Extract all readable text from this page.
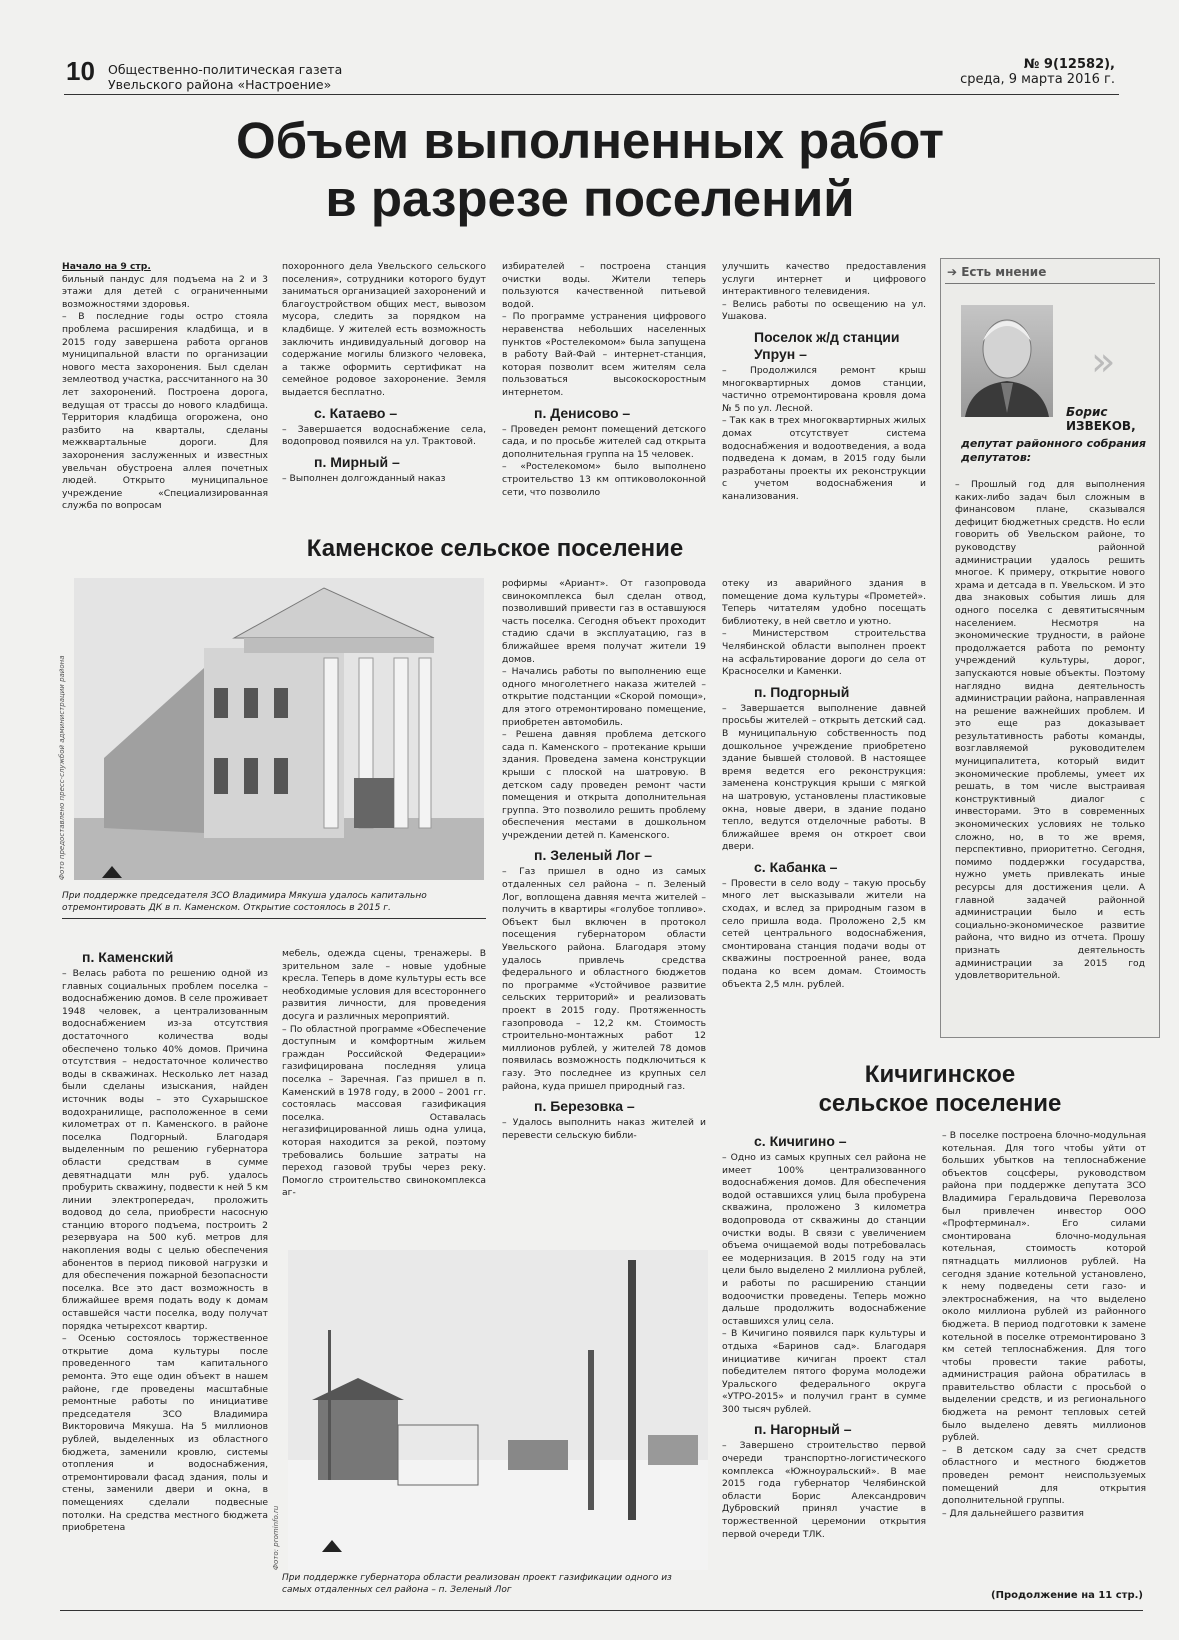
10 Общественно-политическая газета
Увельского района «Настроение»
№ 9(12582),
среда, 9 марта 2016 г.
Объем выполненных работ
в разрезе поселений

Начало на 9 стр.

бильный пандус для подъема на 2 и 3 этажи для детей с ограниченными возможностями здоровья.

– В последние годы остро стояла проблема расширения кладбища, и в 2015 году завершена работа органов муниципальной власти по организации нового места захоронения. Был сделан землеотвод участка, рассчитанного на 30 лет захоронений. Построена дорога, ведущая от трассы до нового кладбища. Территория кладбища огорожена, оно разбито на кварталы, сделаны межквартальные дороги. Для захоронения заслуженных и известных увельчан обустроена аллея почетных людей. Открыто муниципальное учреждение «Специализированная служба по вопросам

похоронного дела Увельского сельского поселения», сотрудники которого будут заниматься организацией захоронений и благоустройством общих мест, вывозом мусора, следить за порядком на кладбище. У жителей есть возможность заключить индивидуальный договор на содержание могилы близкого человека, а также оформить сертификат на семейное родовое захоронение. Земля выдается бесплатно.

с. Катаево –

– Завершается водоснабжение села, водопровод появился на ул. Трактовой.

п. Мирный –

– Выполнен долгожданный наказ

избирателей – построена станция очистки воды. Жители теперь пользуются качественной питьевой водой.

– По программе устранения цифрового неравенства небольших населенных пунктов «Ростелекомом» была запущена в работу Вай-Фай – интернет-станция, которая позволит всем жителям села пользоваться высокоскоростным интернетом.

п. Денисово –

– Проведен ремонт помещений детского сада, и по просьбе жителей сад открыта дополнительная группа на 15 человек.

– «Ростелекомом» было выполнено строительство 13 км оптиковолоконной сети, что позволило

улучшить качество предоставления услуги интернет и цифрового интерактивного телевидения.

– Велись работы по освещению на ул. Ушакова.

Поселок ж/д станции Упрун –

– Продолжился ремонт крыш многоквартирных домов станции, частично отремонтирована кровля дома № 5 по ул. Лесной.

– Так как в трех многоквартирных жилых домах отсутствует система водоснабжения и водоотведения, а вода подведена к домам, в 2015 году были разработаны проекты их реконструкции с учетом водоснабжения и канализования.

➔ Есть мнение
»
Борис
ИЗВЕКОВ,
депутат районного собрания депутатов:

– Прошлый год для выполнения каких-либо задач был сложным в финансовом плане, сказывался дефицит бюджетных средств. Но если говорить об Увельском районе, то руководству районной администрации удалось решить многое. К примеру, открытие нового храма и детсада в п. Увельском. И это два знаковых события лишь для одного поселка с девятитысячным населением. Несмотря на экономические трудности, в районе продолжается работа по ремонту учреждений культуры, дорог, запускаются новые объекты. Поэтому наглядно видна деятельность администрации района, направленная на решение важнейших проблем. И это еще раз доказывает результативность работы команды, возглавляемой руководителем муниципалитета, который видит экономические проблемы, умеет их решать, в том числе выстраивая конструктивный диалог с инвесторами. Это в современных экономических условиях не только сложно, но, в то же время, перспективно, приоритетно. Сегодня, помимо поддержки государства, нужно уметь привлекать иные ресурсы для достижения цели. А главной задачей районной администрации было и есть социально-экономическое развитие района, что видно из отчета. Прошу признать деятельность администрации за 2015 год удовлетворительной.

Каменское сельское поселение
Фото предоставлено пресс-службой администрации района
При поддержке председателя ЗСО Владимира Мякуша удалось капитально отремонтировать ДК в п. Каменском. Открытие состоялось в 2015 г.

рофирмы «Ариант». От газопровода свинокомплекса был сделан отвод, позволивший привести газ в оставшуюся часть поселка. Сегодня объект проходит стадию сдачи в эксплуатацию, газ в ближайшее время получат жители 19 домов.

– Начались работы по выполнению еще одного многолетнего наказа жителей – открытие подстанции «Скорой помощи», для этого отремонтировано помещение, приобретен автомобиль.

– Решена давняя проблема детского сада п. Каменского – протекание крыши здания. Проведена замена конструкции крыши с плоской на шатровую. В детском саду проведен ремонт части помещения и открыта дополнительная группа. Это позволило решить проблему обеспечения местами в дошкольном учреждении детей п. Каменского.

п. Зеленый Лог –

– Газ пришел в одно из самых отдаленных сел района – п. Зеленый Лог, воплощена давняя мечта жителей – получить в квартиры «голубое топливо». Объект был включен в протокол посещения губернатором области Увельского района. Благодаря этому удалось привлечь средства федерального и областного бюджетов по программе «Устойчивое развитие сельских территорий» и реализовать проект в 2015 году. Протяженность газопровода – 12,2 км. Стоимость строительно-монтажных работ 12 миллионов рублей, у жителей 78 домов появилась возможность подключиться к газу. Это последнее из крупных сел района, куда пришел природный газ.

п. Березовка –

– Удалось выполнить наказ жителей и перевести сельскую библи-

отеку из аварийного здания в помещение дома культуры «Прометей». Теперь читателям удобно посещать библиотеку, в ней светло и уютно.

– Министерством строительства Челябинской области выполнен проект на асфальтирование дороги до села от Красноселки и Каменки.

п. Подгорный

– Завершается выполнение давней просьбы жителей – открыть детский сад. В муниципальную собственность под дошкольное учреждение приобретено здание бывшей столовой. В настоящее время ведется его реконструкция: заменена конструкция крыши с мягкой на шатровую, установлены пластиковые окна, новые двери, в здание подано тепло, ведутся отделочные работы. В ближайшее время он откроет свои двери.

с. Кабанка –

– Провести в село воду – такую просьбу много лет высказывали жители на сходах, и вслед за природным газом в село пришла вода. Проложено 2,5 км сетей центрального водоснабжения, смонтирована станция подачи воды от скважины построенной ранее, вода подана ко всем домам. Стоимость объекта 2,5 млн. рублей.

п. Каменский

– Велась работа по решению одной из главных социальных проблем поселка – водоснабжению домов. В селе проживает 1948 человек, а централизованным водоснабжением из-за отсутствия достаточного количества воды обеспечено только 40% домов. Причина отсутствия – недостаточное количество воды в скважинах. Несколько лет назад были сделаны изыскания, найден источник воды – это Сухарышское водохранилище, расположенное в семи километрах от п. Каменского. в районе поселка Подгорный. Благодаря выделенным по решению губернатора области средствам в сумме девятнадцати млн руб. удалось пробурить скважину, подвести к ней 5 км линии электропередач, проложить водовод до села, приобрести насосную станцию второго подъема, построить 2 резервуара на 500 куб. метров для накопления воды с целью обеспечения абонентов в период пиковой нагрузки и для обеспечения пожарной безопасности поселка. Все это даст возможность в ближайшее время подать воду к домам оставшейся части поселка, воду получат порядка четырехсот квартир.

– Осенью состоялось торжественное открытие дома культуры после проведенного там капитального ремонта. Это еще один объект в нашем районе, где проведены масштабные ремонтные работы по инициативе председателя ЗСО Владимира Викторовича Мякуша. На 5 миллионов рублей, выделенных из областного бюджета, заменили кровлю, системы отопления и водоснабжения, отремонтировали фасад здания, полы и стены, заменили двери и окна, в помещениях сделали подвесные потолки. На средства местного бюджета приобретена

мебель, одежда сцены, тренажеры. В зрительном зале – новые удобные кресла. Теперь в доме культуры есть все необходимые условия для всестороннего развития личности, для проведения досуга и различных мероприятий.

– По областной программе «Обеспечение доступным и комфортным жильем граждан Российской Федерации» газифицирована последняя улица поселка – Заречная. Газ пришел в п. Каменский в 1978 году, в 2000 – 2001 гг. состоялась массовая газификация поселка. Оставалась негазифицированной лишь одна улица, которая находится за рекой, поэтому требовались большие затраты на переход газовой трубы через реку. Помогло строительство свинокомплекса аг-

Фото: prominfo.ru
При поддержке губернатора области реализован проект газификации одного из самых отдаленных сел района – п. Зеленый Лог
Кичигинское
сельское поселение
с. Кичигино –

– Одно из самых крупных сел района не имеет 100% централизованного водоснабжения домов. Для обеспечения водой оставшихся улиц была пробурена скважина, проложено 3 километра водопровода от скважины до станции очистки воды. В связи с увеличением объема очищаемой воды потребовалась ее модернизация. В 2015 году на эти цели было выделено 2 миллиона рублей, и работы по расширению станции водоочистки проведены. Теперь можно дальше продолжить водоснабжение оставшихся улиц села.

– В Кичигино появился парк культуры и отдыха «Баринов сад». Благодаря инициативе кичиган проект стал победителем пятого форума молодежи Уральского федерального округа «УТРО-2015» и получил грант в сумме 300 тысяч рублей.

п. Нагорный –

– Завершено строительство первой очереди транспортно-логистического комплекса «Южноуральский». В мае 2015 года губернатор Челябинской области Борис Александрович Дубровский принял участие в торжественной церемонии открытия первой очереди ТЛК.

– В поселке построена блочно-модульная котельная. Для того чтобы уйти от больших убытков на теплоснабжение объектов соцсферы, руководством района при поддержке депутата ЗСО Владимира Геральдовича Переволоза был привлечен инвестор ООО «Профтерминал». Его силами смонтирована блочно-модульная котельная, стоимость которой пятнадцать миллионов рублей. На сегодня здание котельной установлено, к нему подведены сети газо- и электроснабжения, на что выделено около миллиона рублей из районного бюджета. В период подготовки к замене котельной в поселке отремонтировано 3 км сетей теплоснабжения. Для того чтобы провести такие работы, администрация района обратилась в правительство области с просьбой о выделении средств, и из регионального бюджета на ремонт тепловых сетей было выделено девять миллионов рублей.

– В детском саду за счет средств областного и местного бюджетов проведен ремонт неиспользуемых помещений для открытия дополнительной группы.

– Для дальнейшего развития

(Продолжение на 11 стр.)
